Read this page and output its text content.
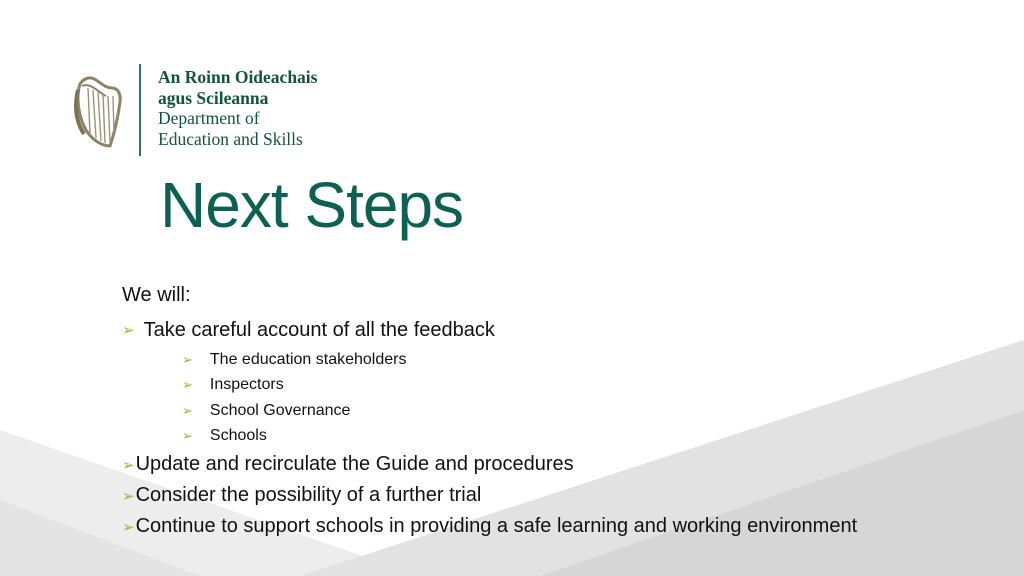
An Roinn Oideachais
agus Scileanna
Department of
Education and Skills
Next Steps
We will:
➢ Take careful account of all the feedback
➢ The education stakeholders
➢ Inspectors
➢ School Governance
➢ Schools
➢ Update and recirculate the Guide and procedures
➢ Consider the possibility of a further trial
➢ Continue to support schools in providing a safe learning and working environment
